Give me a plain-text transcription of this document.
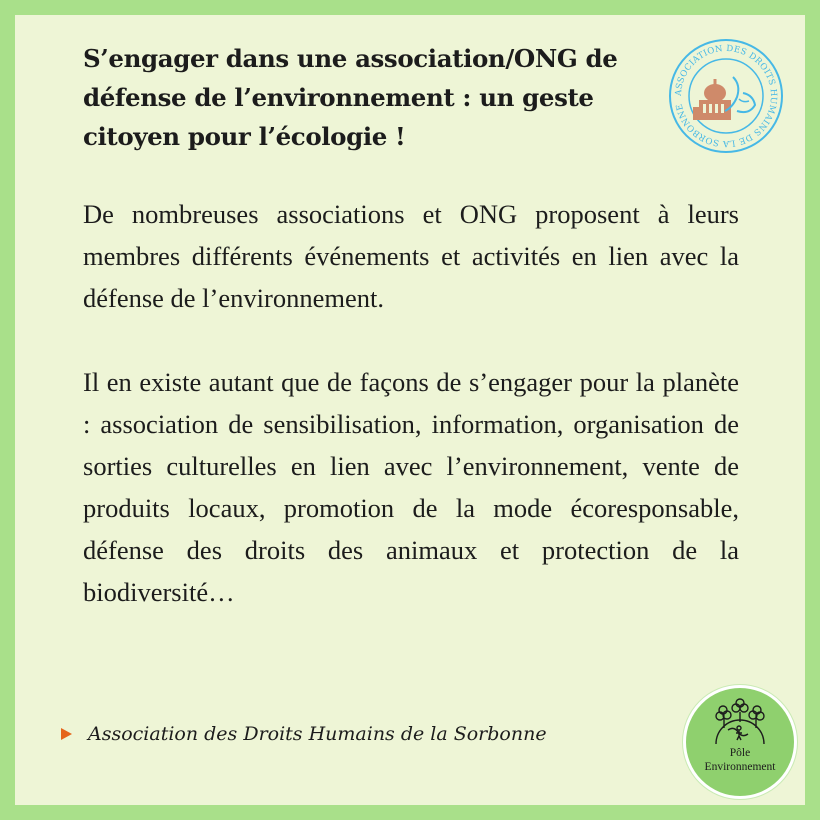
S’engager dans une association/ONG de défense de l’environnement : un geste citoyen pour l’écologie !
ASSOCIATION DES DROITS HUMAINS DE LA SORBONNE

De nombreuses associations et ONG proposent à leurs membres différents événements et activités en lien avec la défense de l’environnement.

Il en existe autant que de façons de s’engager pour la planète : association de sensibilisation, information, organisation de sorties culturelles en lien avec l’environnement, vente de produits locaux, promotion de la mode écoresponsable, défense des droits des animaux et protection de la biodiversité…

Association des Droits Humains de la Sorbonne
Pôle
Environnement
